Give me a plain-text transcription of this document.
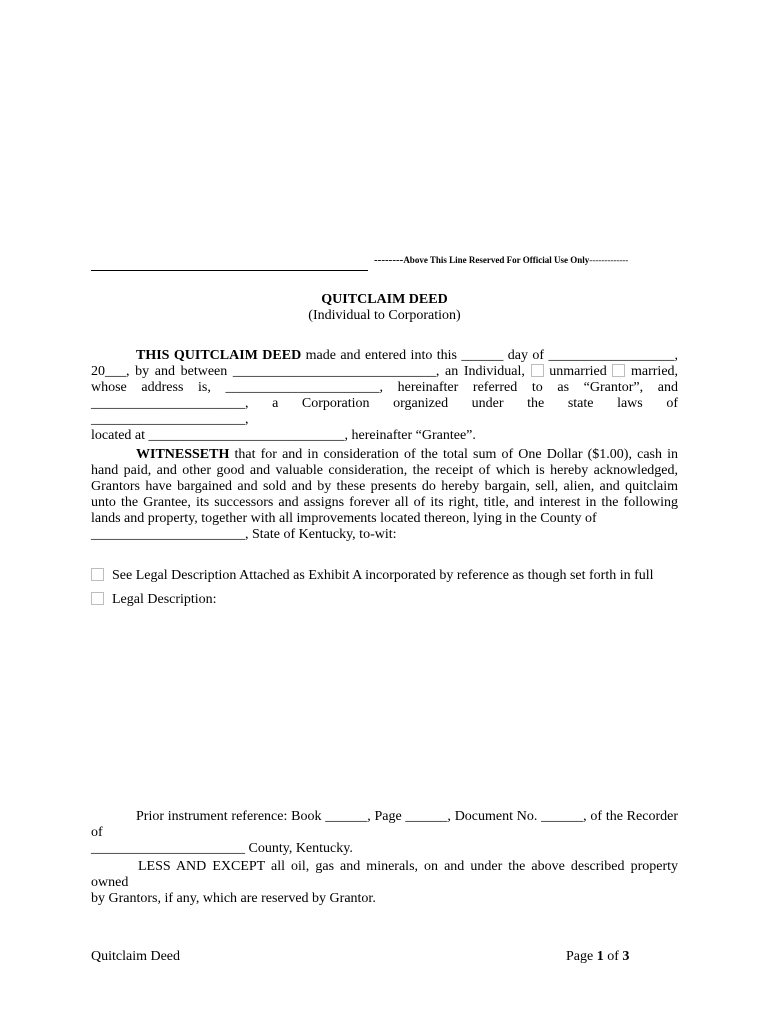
--------Above This Line Reserved For Official Use Only-------------
QUITCLAIM DEED
(Individual to Corporation)
THIS QUITCLAIM DEED made and entered into this ______ day of __________________,
20___, by and between _____________________________, an Individual, unmarried married,
whose address is, ______________________, hereinafter referred to as “Grantor”, and
______________________, a Corporation organized under the state laws of ______________________,
located at ____________________________, hereinafter “Grantee”.

WITNESSETH that for and in consideration of the total sum of One Dollar ($1.00), cash in hand paid, and other good and valuable consideration, the receipt of which is hereby acknowledged, Grantors have bargained and sold and by these presents do hereby bargain, sell, alien, and quitclaim unto the Grantee, its successors and assigns forever all of its right, title, and interest in the following lands and property, together with all improvements located thereon, lying in the County of

______________________, State of Kentucky, to-wit:
See Legal Description Attached as Exhibit A incorporated by reference as though set forth in full
Legal Description:
Prior instrument reference: Book ______, Page ______, Document No. ______, of the Recorder of
______________________ County, Kentucky.
LESS AND EXCEPT all oil, gas and minerals, on and under the above described property owned
by Grantors, if any, which are reserved by Grantor.
Quitclaim Deed	Page 1 of 3
